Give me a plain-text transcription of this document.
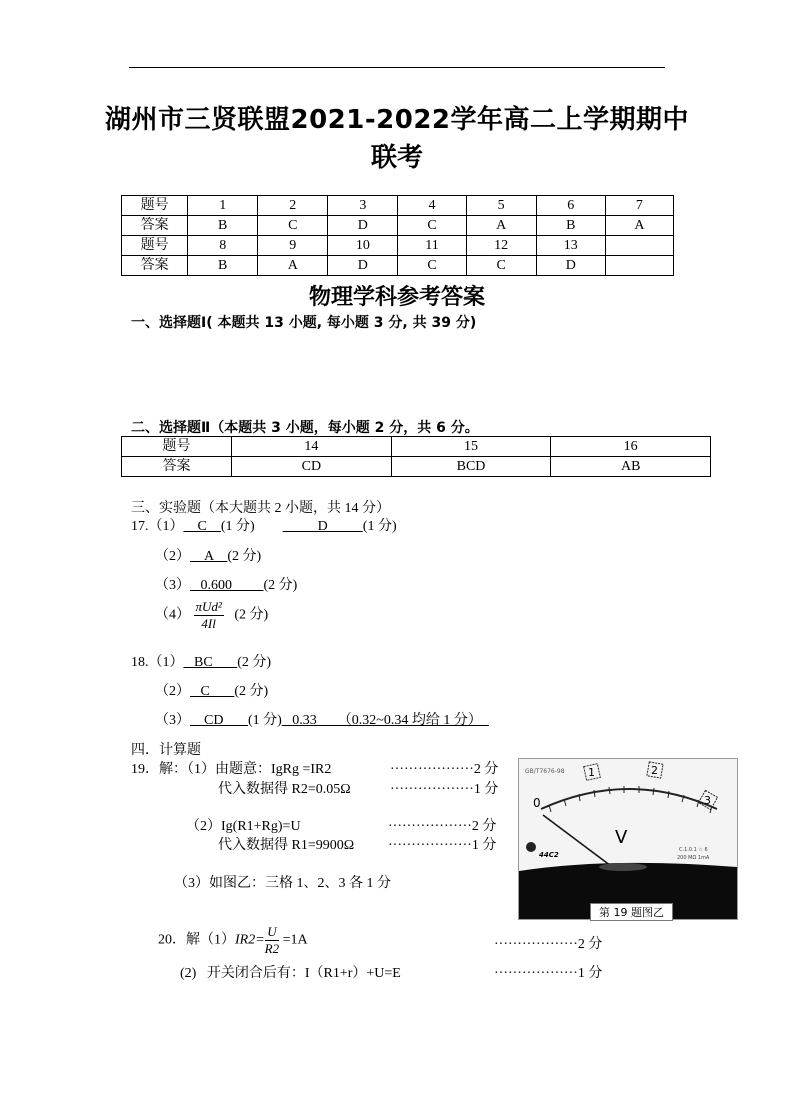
湖州市三贤联盟2021-2022学年高二上学期期中
联考
题号	1	2	3	4	5	6	7
答案	B	C	D	C	A	B	A
题号	8	9	10	11	12	13	
答案	B	A	D	C	C	D	
物理学科参考答案
一、选择题Ⅰ( 本题共 13 小题, 每小题 3 分, 共 39 分)
二、选择题Ⅱ（本题共 3 小题，每小题 2 分，共 6 分。
题号	14	15	16
答案	CD	BCD	AB
三、实验题（本大题共 2 小题，共 14 分）
17.（1）    C    (1 分)                  D          (1 分)
（2）    A    (2 分)
（3）   0.600         (2 分)
$(4) \frac{\text{πUd²}}{4Il} (2$ 分)
18.（1）   BC       (2 分)
（2）   C       (2 分)
（3）    CD       (1 分)   0.33      （0.32~0.34 均给 1 分）
四．计算题
19．解：（1）由题意：IgRg =IR2	··················2 分
代入数据得 R2=0.05Ω	··················1 分
（2）Ig(R1+Rg)=U	··················2 分
代入数据得 R1=9900Ω ··················1 分
（3）如图乙：三格 1、2、3 各 1 分
GB/T7676-98
0
1	2
3
V
44C2
C.1.0.1 ☆ 6
200 MΩ 1mA
第 19 题图乙
20．解$(1)IR2= \frac{U}{R2} =1A$	··················2 分
(2) 开关闭合后有：I（R1+r）+U=E	··················1 分
